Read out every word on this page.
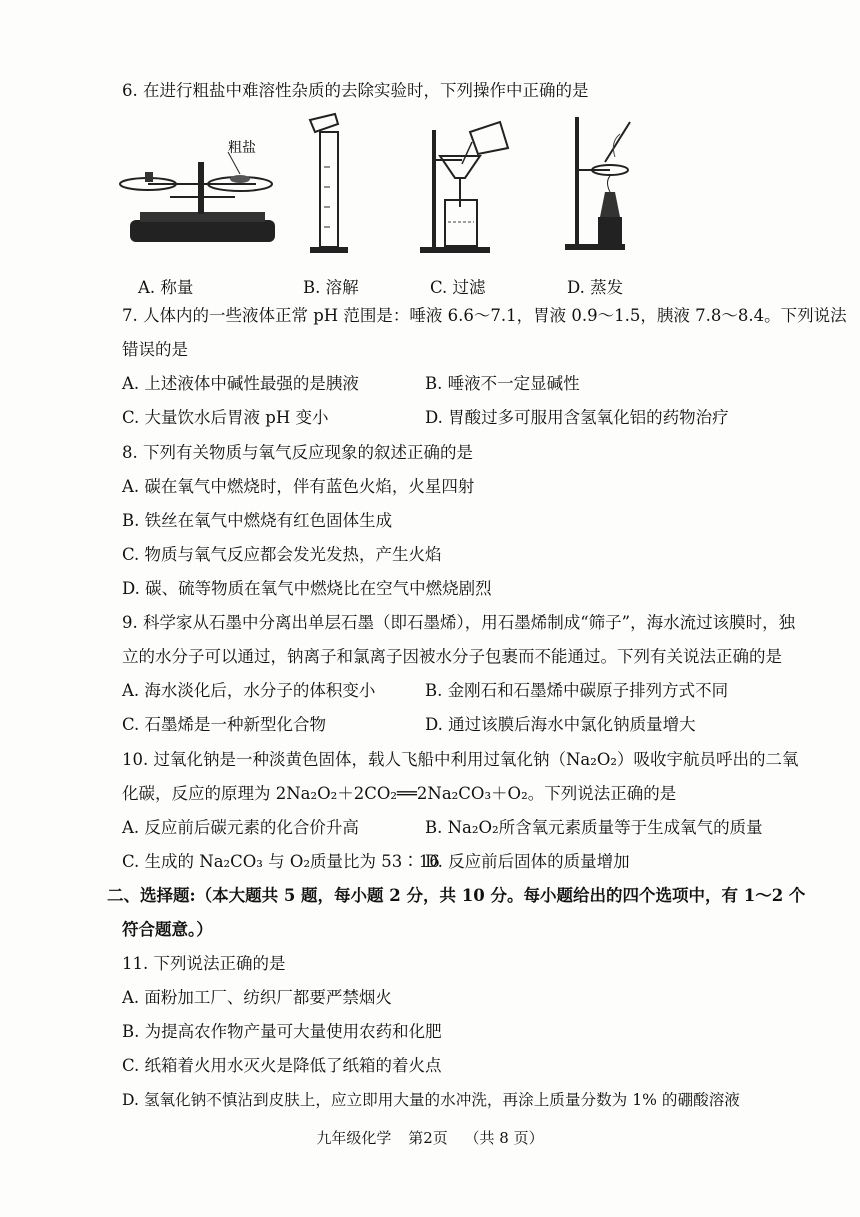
6. 在进行粗盐中难溶性杂质的去除实验时，下列操作中正确的是
粗盐
A. 称量	B. 溶解	C. 过滤	D. 蒸发
7. 人体内的一些液体正常 pH 范围是：唾液 6.6～7.1，胃液 0.9～1.5，胰液 7.8～8.4。下列说法
错误的是
A. 上述液体中碱性最强的是胰液	B. 唾液不一定显碱性
C. 大量饮水后胃液 pH 变小	D. 胃酸过多可服用含氢氧化铝的药物治疗
8. 下列有关物质与氧气反应现象的叙述正确的是
A. 碳在氧气中燃烧时，伴有蓝色火焰，火星四射
B. 铁丝在氧气中燃烧有红色固体生成
C. 物质与氧气反应都会发光发热，产生火焰
D. 碳、硫等物质在氧气中燃烧比在空气中燃烧剧烈
9. 科学家从石墨中分离出单层石墨（即石墨烯），用石墨烯制成“筛子”，海水流过该膜时，独
立的水分子可以通过，钠离子和氯离子因被水分子包裹而不能通过。下列有关说法正确的是
A. 海水淡化后，水分子的体积变小	B. 金刚石和石墨烯中碳原子排列方式不同
C. 石墨烯是一种新型化合物	D. 通过该膜后海水中氯化钠质量增大
10. 过氧化钠是一种淡黄色固体，载人飞船中利用过氧化钠（Na₂O₂）吸收宇航员呼出的二氧
化碳，反应的原理为 2Na₂O₂＋2CO₂══2Na₂CO₃＋O₂。下列说法正确的是
A. 反应前后碳元素的化合价升高	B. Na₂O₂所含氧元素质量等于生成氧气的质量
C. 生成的 Na₂CO₃ 与 O₂质量比为 53∶16
D. 反应前后固体的质量增加
二、选择题:（本大题共 5 题，每小题 2 分，共 10 分。每小题给出的四个选项中，有 1～2 个
符合题意。）
11. 下列说法正确的是
A. 面粉加工厂、纺织厂都要严禁烟火
B. 为提高农作物产量可大量使用农药和化肥
C. 纸箱着火用水灭火是降低了纸箱的着火点
D. 氢氧化钠不慎沾到皮肤上，应立即用大量的水冲洗，再涂上质量分数为 1% 的硼酸溶液
九年级化学 第2页 （共 8 页）
